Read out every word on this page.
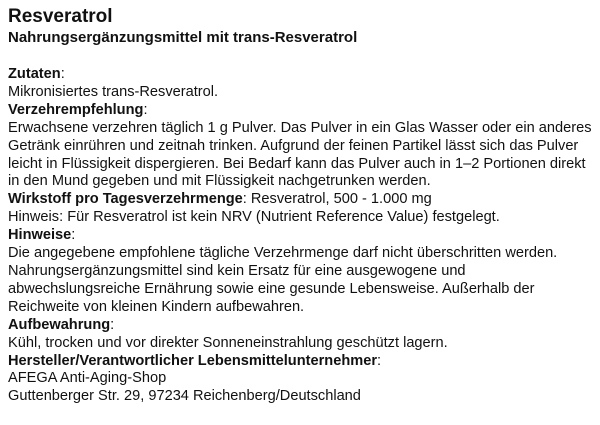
Resveratrol
Nahrungsergänzungsmittel mit trans-Resveratrol
Zutaten:
Mikronisiertes trans-Resveratrol.
Verzehrempfehlung:
Erwachsene verzehren täglich 1 g Pulver. Das Pulver in ein Glas Wasser oder ein anderes Getränk einrühren und zeitnah trinken. Aufgrund der feinen Partikel lässt sich das Pulver leicht in Flüssigkeit dispergieren. Bei Bedarf kann das Pulver auch in 1–2 Portionen direkt in den Mund gegeben und mit Flüssigkeit nachgetrunken werden.
Wirkstoff pro Tagesverzehrmenge: Resveratrol, 500 - 1.000 mg
Hinweis: Für Resveratrol ist kein NRV (Nutrient Reference Value) festgelegt.
Hinweise:
Die angegebene empfohlene tägliche Verzehrmenge darf nicht überschritten werden. Nahrungsergänzungsmittel sind kein Ersatz für eine ausgewogene und abwechslungsreiche Ernährung sowie eine gesunde Lebensweise. Außerhalb der Reichweite von kleinen Kindern aufbewahren.
Aufbewahrung:
Kühl, trocken und vor direkter Sonneneinstrahlung geschützt lagern.
Hersteller/Verantwortlicher Lebensmittelunternehmer:
AFEGA Anti-Aging-Shop
Guttenberger Str. 29, 97234 Reichenberg/Deutschland
